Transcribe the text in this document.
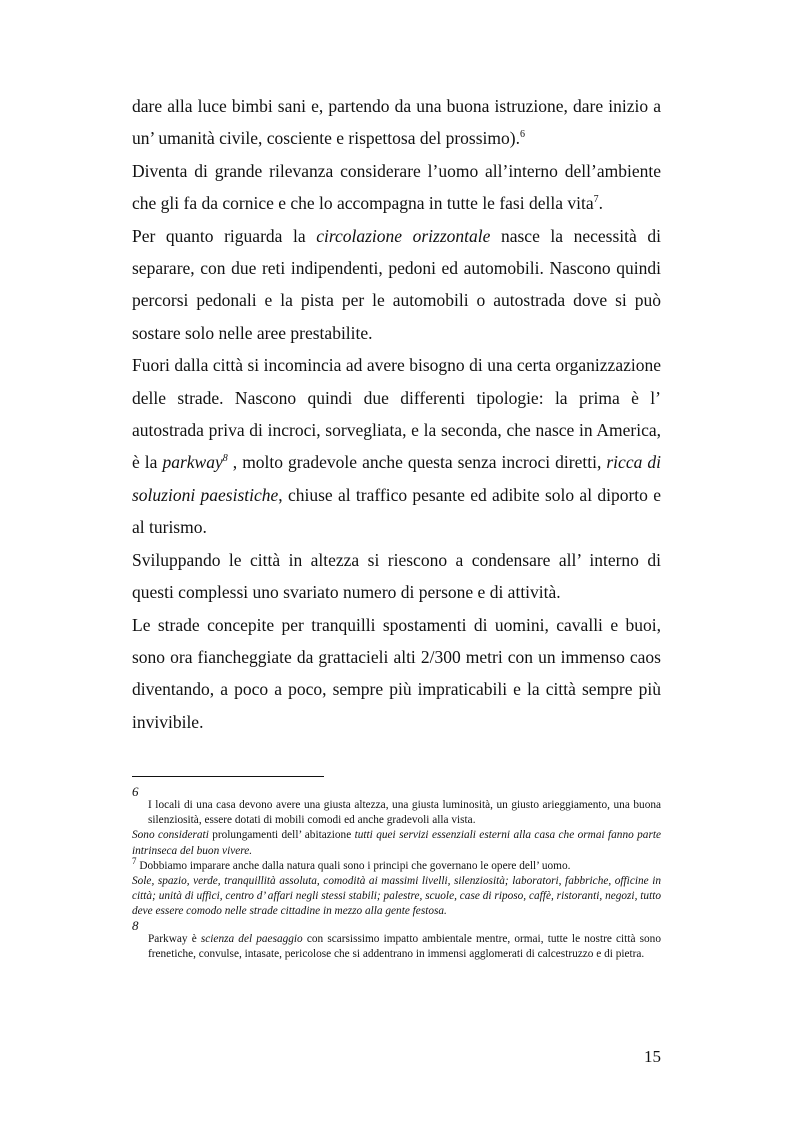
dare alla luce bimbi sani e, partendo da una buona istruzione, dare inizio a un’ umanità civile, cosciente e rispettosa del prossimo).$^6$

Diventa di grande rilevanza considerare l’uomo all’interno dell’ambiente che gli fa da cornice e che lo accompagna in tutte le fasi della vita$^7$.

Per quanto riguarda la circolazione orizzontale nasce la necessità di separare, con due reti indipendenti, pedoni ed automobili. Nascono quindi percorsi pedonali e la pista per le automobili o autostrada dove si può sostare solo nelle aree prestabilite.

Fuori dalla città si incomincia ad avere bisogno di una certa organizzazione delle strade. Nascono quindi due differenti tipologie: la prima è l’ autostrada priva di incroci, sorvegliata, e la seconda, che nasce in America, è la parkway$^8$ , molto gradevole anche questa senza incroci diretti, ricca di soluzioni paesistiche, chiuse al traffico pesante ed adibite solo al diporto e al turismo.

Sviluppando le città in altezza si riescono a condensare all’ interno di questi complessi uno svariato numero di persone e di attività.

Le strade concepite per tranquilli spostamenti di uomini, cavalli e buoi, sono ora fiancheggiate da grattacieli alti 2/300 metri con un immenso caos diventando, a poco a poco, sempre più impraticabili e la città sempre più invivibile.

6

I locali di una casa devono avere una giusta altezza, una giusta luminosità, un giusto arieggiamento, una buona silenziosità, essere dotati di mobili comodi ed anche gradevoli alla vista.

Sono considerati prolungamenti dell’ abitazione tutti quei servizi essenziali esterni alla casa che ormai fanno parte intrinseca del buon vivere.

$^7$ Dobbiamo imparare anche dalla natura quali sono i principi che governano le opere dell’ uomo.

Sole, spazio, verde, tranquillità assoluta, comodità ai massimi livelli, silenziosità; laboratori, fabbriche, officine in città; unità di uffici, centro d’ affari negli stessi stabili; palestre, scuole, case di riposo, caffè, ristoranti, negozi, tutto deve essere comodo nelle strade cittadine in mezzo alla gente festosa.

8

Parkway è scienza del paesaggio con scarsissimo impatto ambientale mentre, ormai, tutte le nostre città sono frenetiche, convulse, intasate, pericolose che si addentrano in immensi agglomerati di calcestruzzo e di pietra.

15
